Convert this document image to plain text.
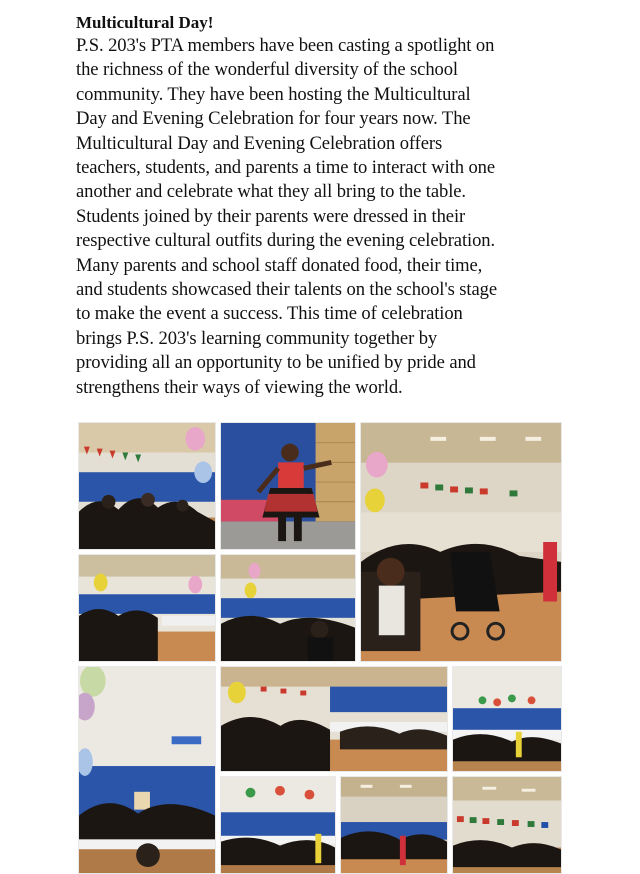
Multicultural Day!

P.S. 203's PTA members have been casting a spotlight on
the richness of the wonderful diversity of the school
community. They have been hosting the Multicultural
Day and Evening Celebration for four years now. The
Multicultural Day and Evening Celebration offers
teachers, students, and parents a time to interact with one
another and celebrate what they all bring to the table.
Students joined by their parents were dressed in their
respective cultural outfits during the evening celebration.
Many parents and school staff donated food, their time,
and students showcased their talents on the school's stage
to make the event a success. This time of celebration
brings P.S. 203's learning community together by
providing all an opportunity to be unified by pride and
strengthens their ways of viewing the world.
